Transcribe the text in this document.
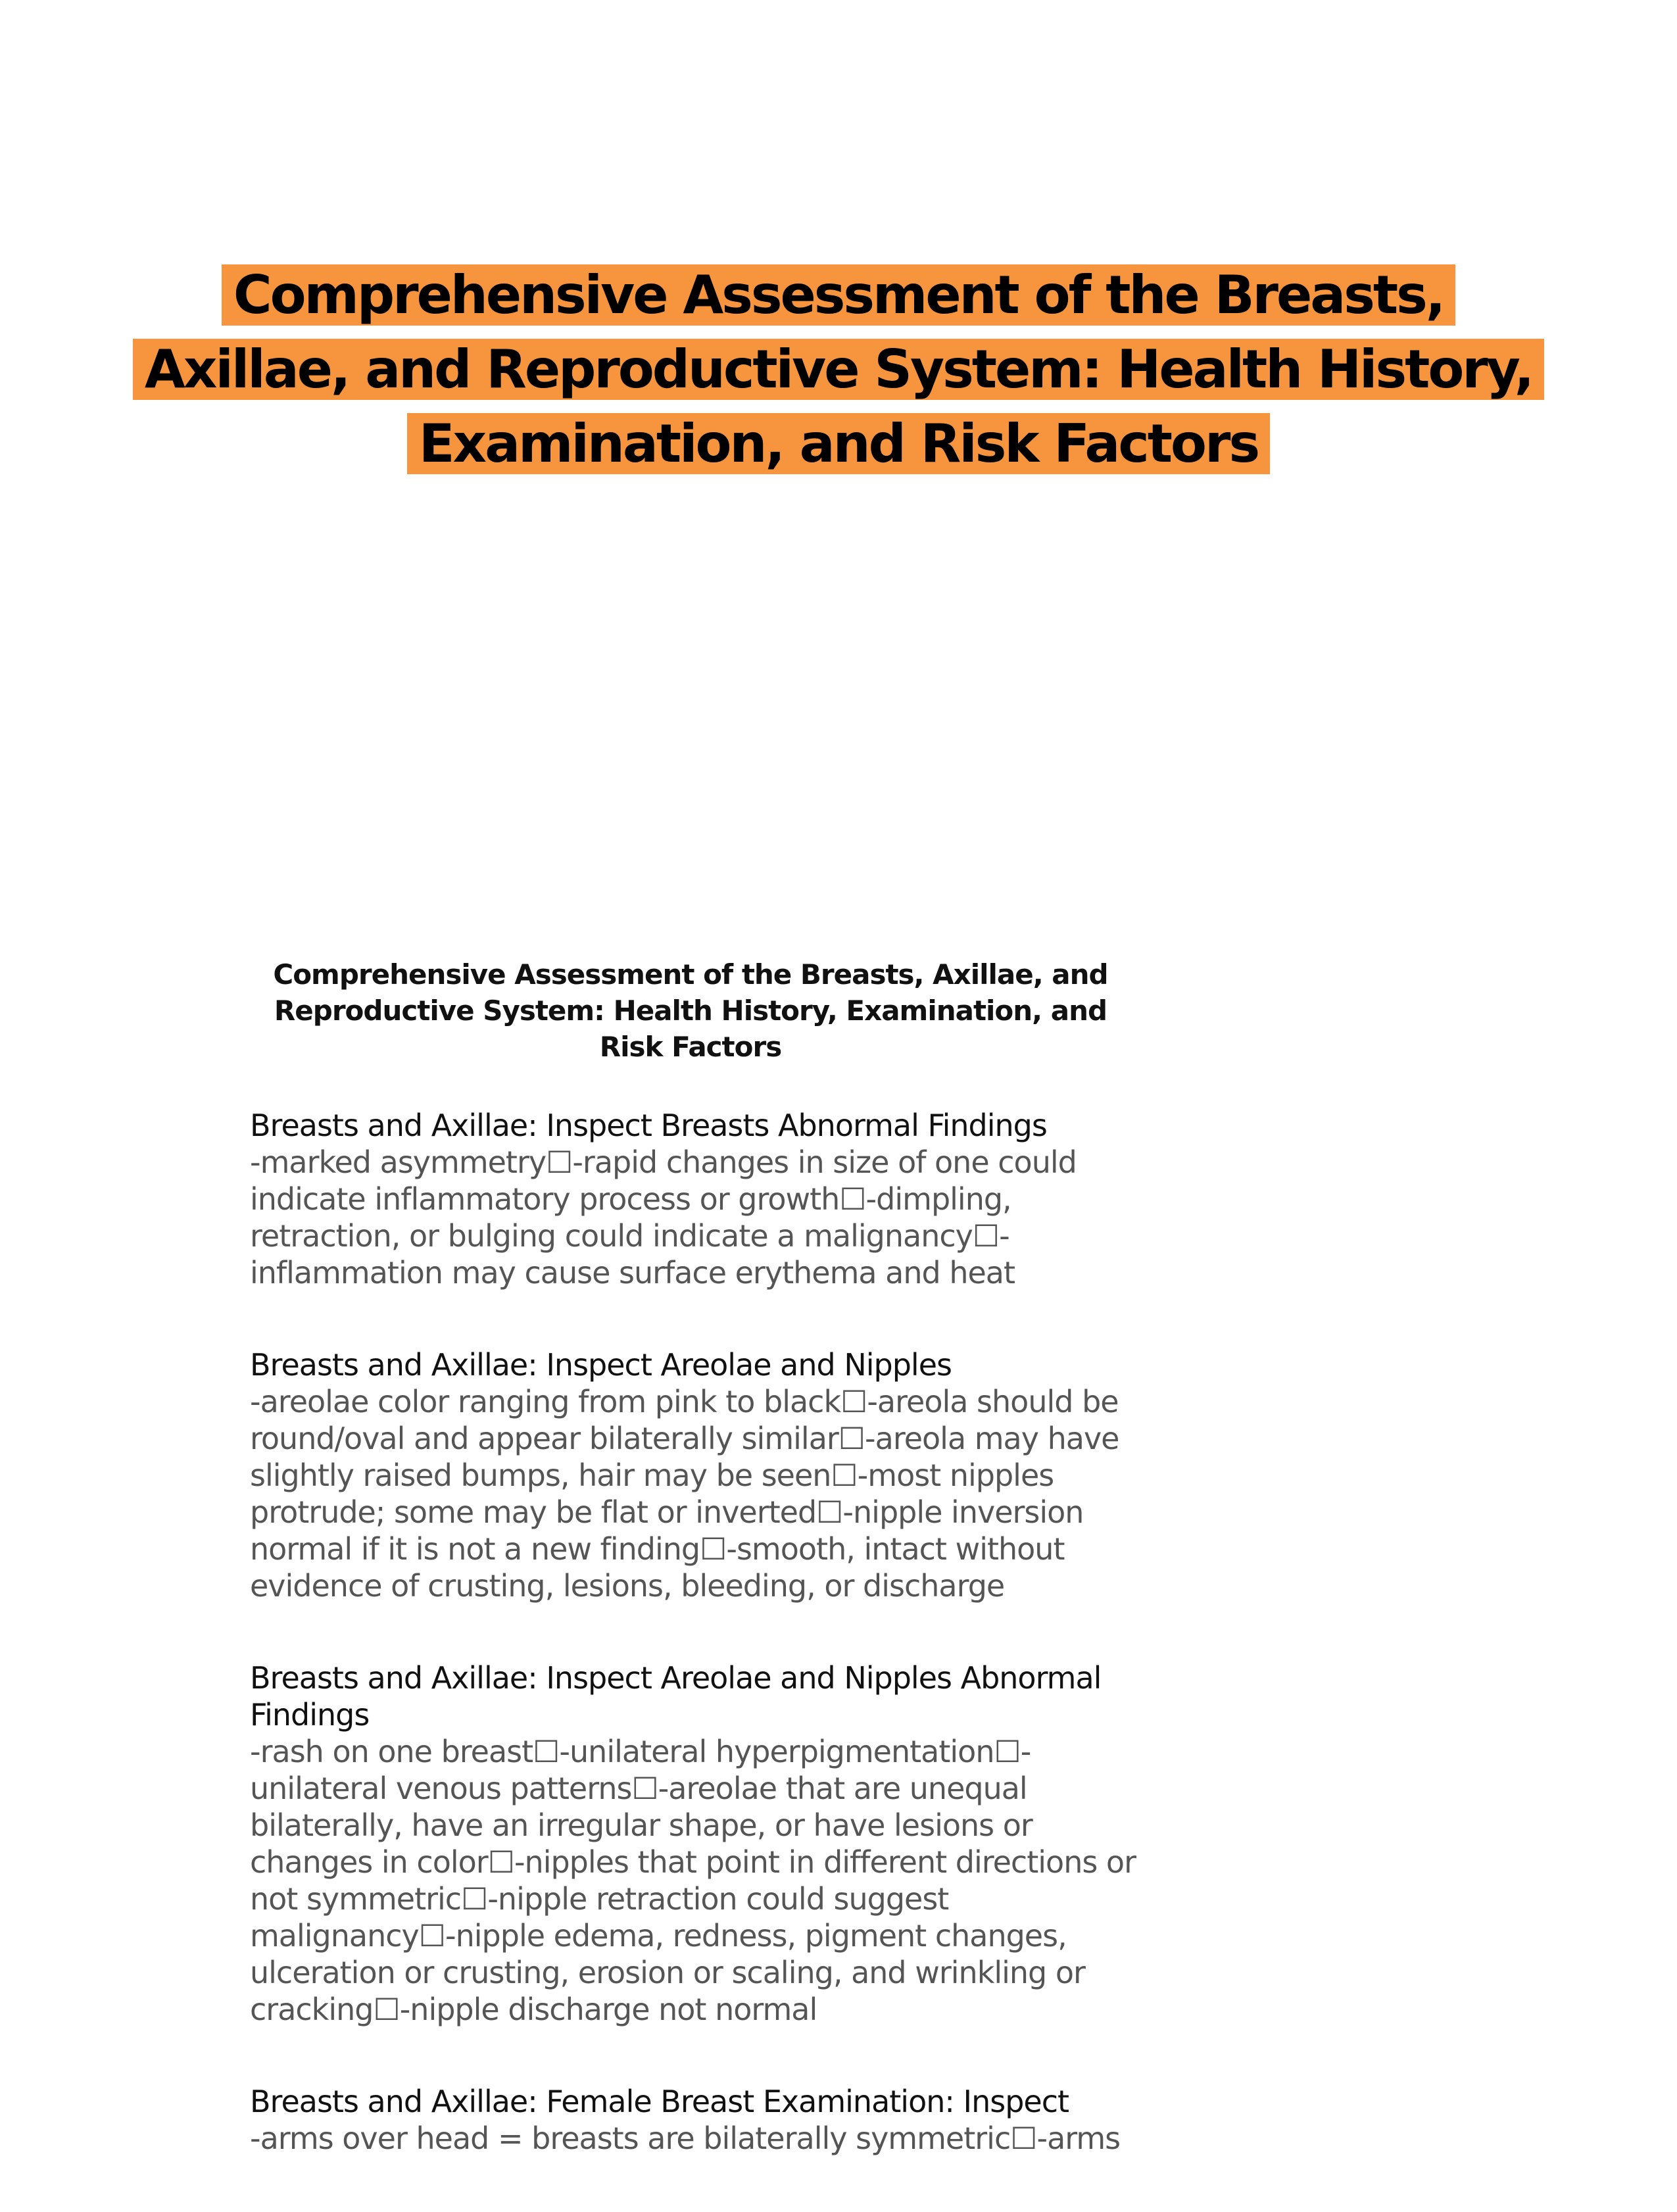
Comprehensive Assessment of the Breasts, Axillae, and Reproductive System: Health History, Examination, and Risk Factors
Comprehensive Assessment of the Breasts, Axillae, and Reproductive System: Health History, Examination, and Risk Factors
Breasts and Axillae: Inspect Breasts Abnormal Findings
-marked asymmetry☐-rapid changes in size of one could indicate inflammatory process or growth☐-dimpling, retraction, or bulging could indicate a malignancy☐-inflammation may cause surface erythema and heat
Breasts and Axillae: Inspect Areolae and Nipples
-areolae color ranging from pink to black☐-areola should be round/oval and appear bilaterally similar☐-areola may have slightly raised bumps, hair may be seen☐-most nipples protrude; some may be flat or inverted☐-nipple inversion normal if it is not a new finding☐-smooth, intact without evidence of crusting, lesions, bleeding, or discharge
Breasts and Axillae: Inspect Areolae and Nipples Abnormal Findings
-rash on one breast☐-unilateral hyperpigmentation☐-unilateral venous patterns☐-areolae that are unequal bilaterally, have an irregular shape, or have lesions or changes in color☐-nipples that point in different directions or not symmetric☐-nipple retraction could suggest malignancy☐-nipple edema, redness, pigment changes, ulceration or crusting, erosion or scaling, and wrinkling or cracking☐-nipple discharge not normal
Breasts and Axillae: Female Breast Examination: Inspect
-arms over head = breasts are bilaterally symmetric☐-arms
